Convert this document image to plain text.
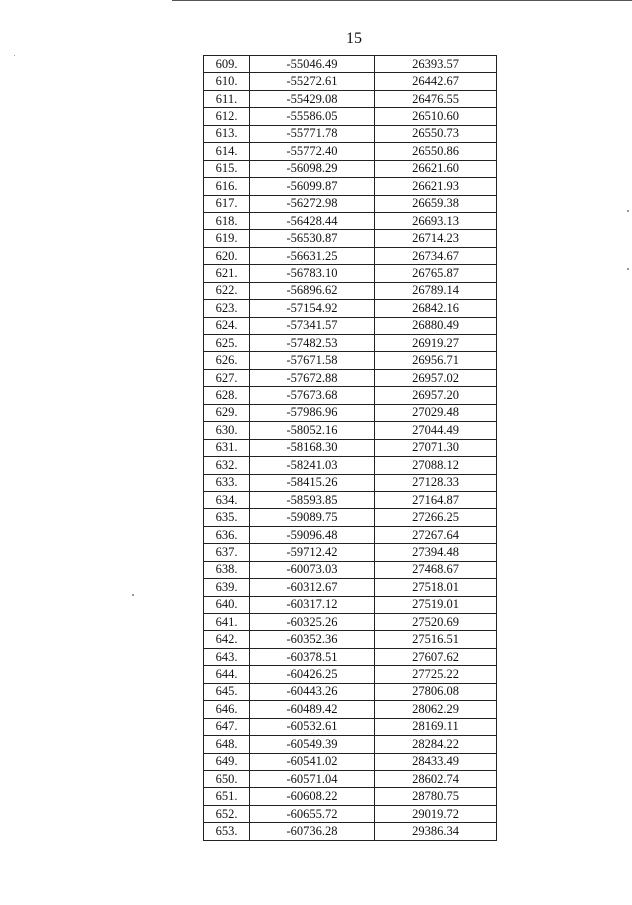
15
609.	-55046.49	26393.57
610.	-55272.61	26442.67
611.	-55429.08	26476.55
612.	-55586.05	26510.60
613.	-55771.78	26550.73
614.	-55772.40	26550.86
615.	-56098.29	26621.60
616.	-56099.87	26621.93
617.	-56272.98	26659.38
618.	-56428.44	26693.13
619.	-56530.87	26714.23
620.	-56631.25	26734.67
621.	-56783.10	26765.87
622.	-56896.62	26789.14
623.	-57154.92	26842.16
624.	-57341.57	26880.49
625.	-57482.53	26919.27
626.	-57671.58	26956.71
627.	-57672.88	26957.02
628.	-57673.68	26957.20
629.	-57986.96	27029.48
630.	-58052.16	27044.49
631.	-58168.30	27071.30
632.	-58241.03	27088.12
633.	-58415.26	27128.33
634.	-58593.85	27164.87
635.	-59089.75	27266.25
636.	-59096.48	27267.64
637.	-59712.42	27394.48
638.	-60073.03	27468.67
639.	-60312.67	27518.01
640.	-60317.12	27519.01
641.	-60325.26	27520.69
642.	-60352.36	27516.51
643.	-60378.51	27607.62
644.	-60426.25	27725.22
645.	-60443.26	27806.08
646.	-60489.42	28062.29
647.	-60532.61	28169.11
648.	-60549.39	28284.22
649.	-60541.02	28433.49
650.	-60571.04	28602.74
651.	-60608.22	28780.75
652.	-60655.72	29019.72
653.	-60736.28	29386.34
